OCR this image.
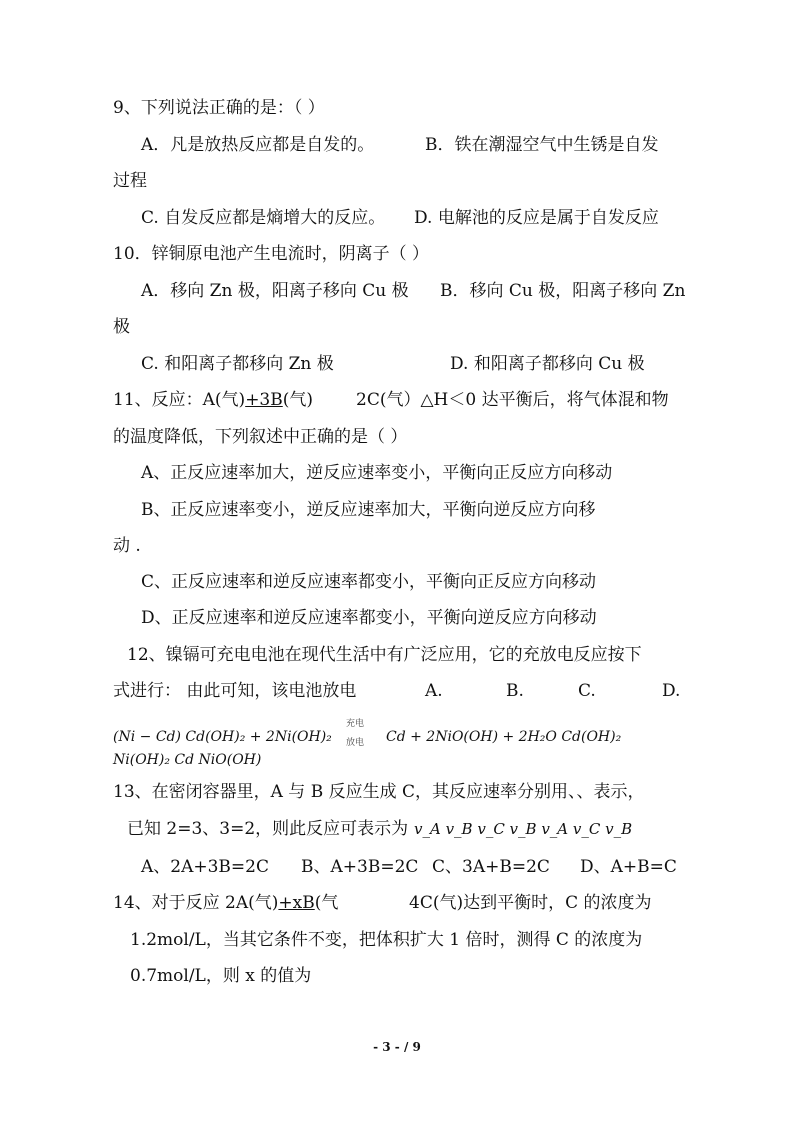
9、下列说法正确的是：（ ）
A．凡是放热反应都是自发的。	B．铁在潮湿空气中生锈是自发
过程
C. 自发反应都是熵增大的反应。 D. 电解池的反应是属于自发反应
10．锌铜原电池产生电流时，阴离子（ ）
A．移向 Zn 极，阳离子移向 Cu 极 B．移向 Cu 极，阳离子移向 Zn
极
C. 和阳离子都移向 Zn 极	D. 和阳离子都移向 Cu 极
11、反应：A(气)+3B(气)	2C(气）△H＜0 达平衡后，将气体混和物
的温度降低，下列叙述中正确的是（ ）
A、正反应速率加大，逆反应速率变小，平衡向正反应方向移动
B、正反应速率变小，逆反应速率加大，平衡向逆反应方向移
动 .
C、正反应速率和逆反应速率都变小，平衡向正反应方向移动
D、正反应速率和逆反应速率都变小，平衡向逆反应方向移动
12、镍镉可充电电池在现代生活中有广泛应用，它的充放电反应按下
式进行： 由此可知，该电池放电	A.	B.	C.	D.
充电
放电
(Ni − Cd) Cd(OH)₂ + 2Ni(OH)₂	Cd + 2NiO(OH) + 2H₂O Cd(OH)₂
Ni(OH)₂ Cd NiO(OH)
13、在密闭容器里，A 与 B 反应生成 C，其反应速率分别用、、表示，
已知 2=3、3=2，则此反应可表示为 v_A v_B v_C v_B v_A v_C v_B
A、2A+3B=2C B、A+3B=2C C、3A+B=2C D、A+B=C
14、对于反应 2A(气)+xB(气	4C(气)达到平衡时，C 的浓度为
1.2mol/L，当其它条件不变，把体积扩大 1 倍时，测得 C 的浓度为
0.7mol/L，则 x 的值为
- 3 - / 9
